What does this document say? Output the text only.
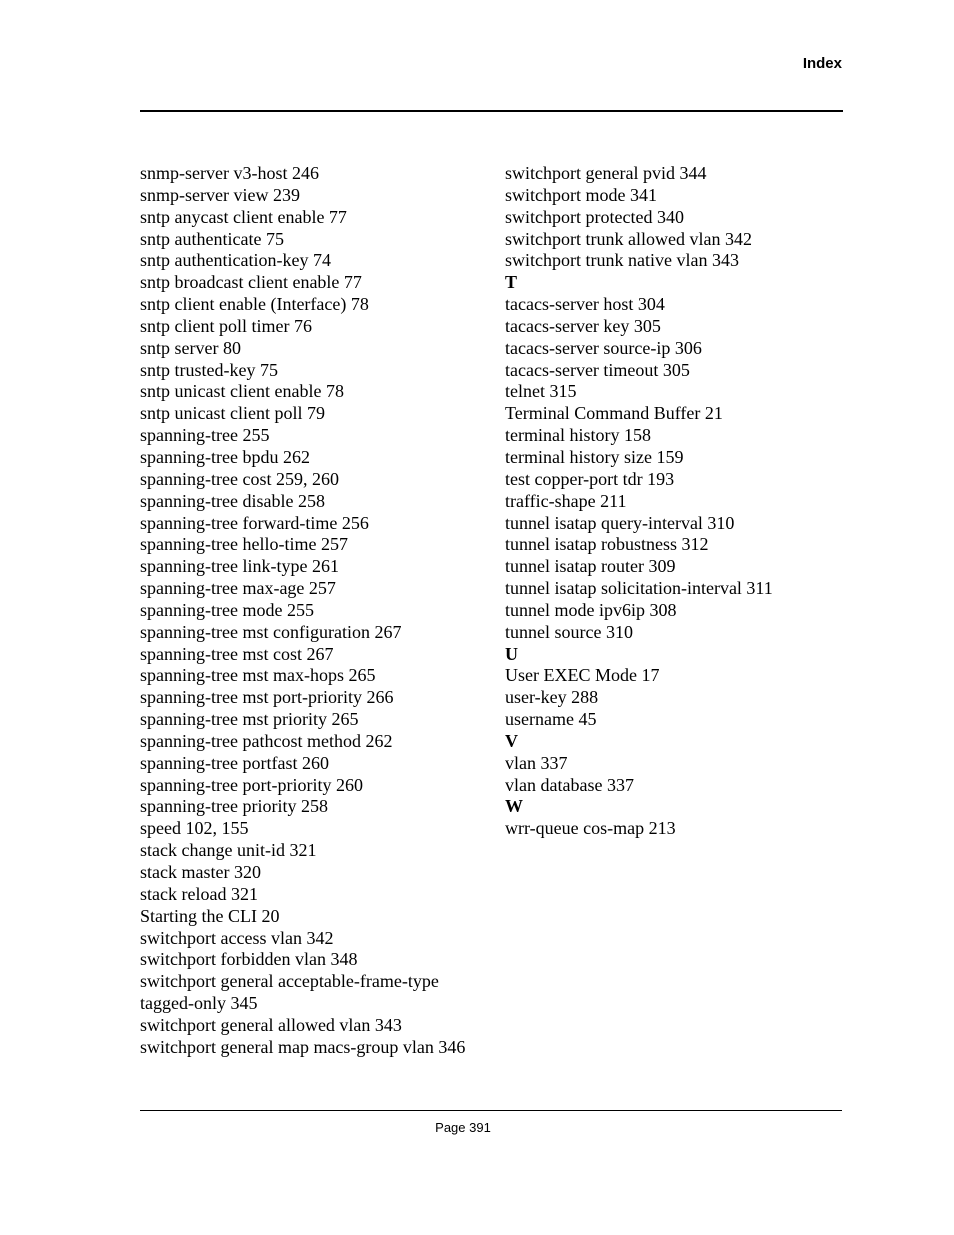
Index
snmp-server v3-host 246
snmp-server view 239
sntp anycast client enable 77
sntp authenticate 75
sntp authentication-key 74
sntp broadcast client enable 77
sntp client enable (Interface) 78
sntp client poll timer 76
sntp server 80
sntp trusted-key 75
sntp unicast client enable 78
sntp unicast client poll 79
spanning-tree 255
spanning-tree bpdu 262
spanning-tree cost 259, 260
spanning-tree disable 258
spanning-tree forward-time 256
spanning-tree hello-time 257
spanning-tree link-type 261
spanning-tree max-age 257
spanning-tree mode 255
spanning-tree mst configuration 267
spanning-tree mst cost 267
spanning-tree mst max-hops 265
spanning-tree mst port-priority 266
spanning-tree mst priority 265
spanning-tree pathcost method 262
spanning-tree portfast 260
spanning-tree port-priority 260
spanning-tree priority 258
speed 102, 155
stack change unit-id 321
stack master 320
stack reload 321
Starting the CLI 20
switchport access vlan 342
switchport forbidden vlan 348
switchport general acceptable-frame-type
tagged-only 345
switchport general allowed vlan 343
switchport general map macs-group vlan 346
switchport general pvid 344
switchport mode 341
switchport protected 340
switchport trunk allowed vlan 342
switchport trunk native vlan 343
T
tacacs-server host 304
tacacs-server key 305
tacacs-server source-ip 306
tacacs-server timeout 305
telnet 315
Terminal Command Buffer 21
terminal history 158
terminal history size 159
test copper-port tdr 193
traffic-shape 211
tunnel isatap query-interval 310
tunnel isatap robustness 312
tunnel isatap router 309
tunnel isatap solicitation-interval 311
tunnel mode ipv6ip 308
tunnel source 310
U
User EXEC Mode 17
user-key 288
username 45
V
vlan 337
vlan database 337
W
wrr-queue cos-map 213
Page 391
